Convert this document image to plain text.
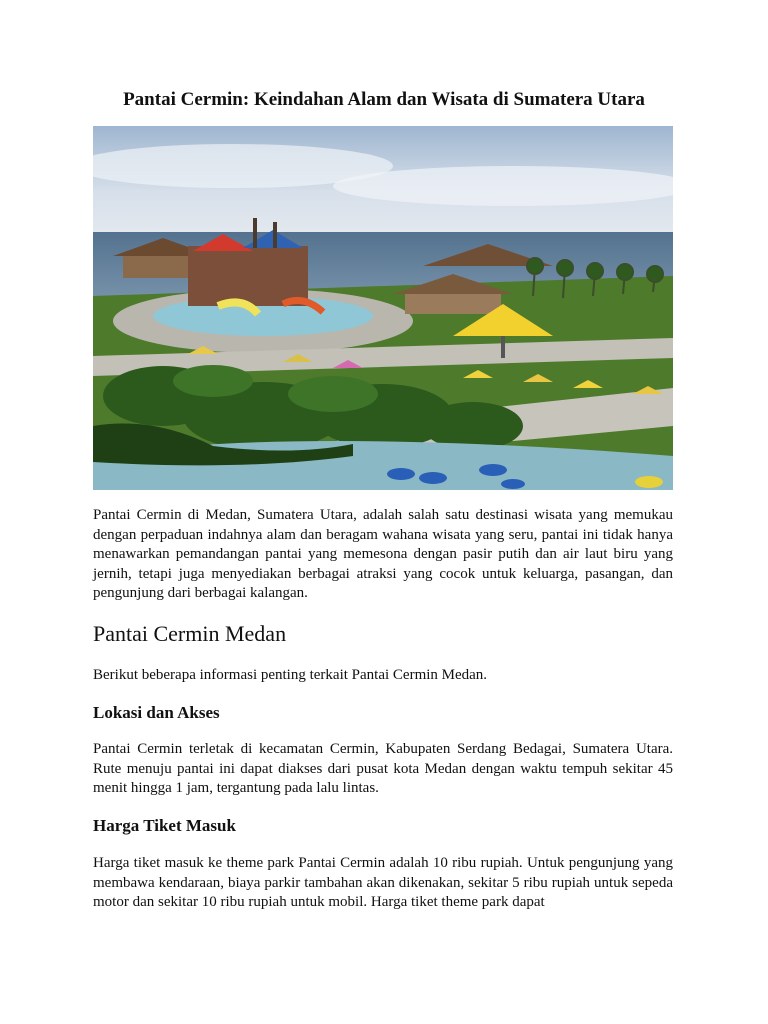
Pantai Cermin: Keindahan Alam dan Wisata di Sumatera Utara

Pantai Cermin di Medan, Sumatera Utara, adalah salah satu destinasi wisata yang memukau dengan perpaduan indahnya alam dan beragam wahana wisata yang seru, pantai ini tidak hanya menawarkan pemandangan pantai yang memesona dengan pasir putih dan air laut biru yang jernih, tetapi juga menyediakan berbagai atraksi yang cocok untuk keluarga, pasangan, dan pengunjung dari berbagai kalangan.

Pantai Cermin Medan

Berikut beberapa informasi penting terkait Pantai Cermin Medan.

Lokasi dan Akses

Pantai Cermin terletak di kecamatan Cermin, Kabupaten Serdang Bedagai, Sumatera Utara. Rute menuju pantai ini dapat diakses dari pusat kota Medan dengan waktu tempuh sekitar 45 menit hingga 1 jam, tergantung pada lalu lintas.

Harga Tiket Masuk

Harga tiket masuk ke theme park Pantai Cermin adalah 10 ribu rupiah. Untuk pengunjung yang membawa kendaraan, biaya parkir tambahan akan dikenakan, sekitar 5 ribu rupiah untuk sepeda motor dan sekitar 10 ribu rupiah untuk mobil. Harga tiket theme park dapat
